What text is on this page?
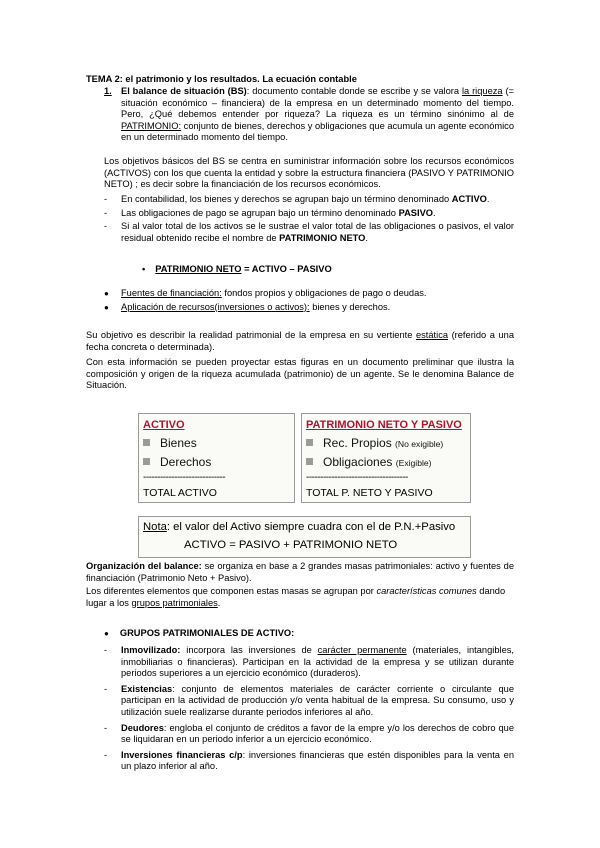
TEMA 2: el patrimonio y los resultados. La ecuación contable
1. El balance de situación (BS): documento contable donde se escribe y se valora la riqueza (= situación económico – financiera) de la empresa en un determinado momento del tiempo. Pero, ¿Qué debemos entender por riqueza? La riqueza es un término sinónimo al de PATRIMONIO: conjunto de bienes, derechos y obligaciones que acumula un agente económico en un determinado momento del tiempo.
Los objetivos básicos del BS se centra en suministrar información sobre los recursos económicos (ACTIVOS) con los que cuenta la entidad y sobre la estructura financiera (PASIVO Y PATRIMONIO NETO) ; es decir sobre la financiación de los recursos económicos.
- En contabilidad, los bienes y derechos se agrupan bajo un término denominado ACTIVO.
- Las obligaciones de pago se agrupan bajo un término denominado PASIVO.
- Si al valor total de los activos se le sustrae el valor total de las obligaciones o pasivos, el valor residual obtenido recibe el nombre de PATRIMONIO NETO.
• PATRIMONIO NETO = ACTIVO – PASIVO
● Fuentes de financiación: fondos propios y obligaciones de pago o deudas.
● Aplicación de recursos(inversiones o activos): bienes y derechos.
Su objetivo es describir la realidad patrimonial de la empresa en su vertiente estática (referido a una fecha concreta o determinada).
Con esta información se pueden proyectar estas figuras en un documento preliminar que ilustra la composición y origen de la riqueza acumulada (patrimonio) de un agente. Se le denomina Balance de Situación.
ACTIVO
Bienes
Derechos
-----------------------------
TOTAL ACTIVO
PATRIMONIO NETO Y PASIVO
Rec. Propios (No exigible)
Obligaciones (Exigible)
------------------------------------
TOTAL P. NETO Y PASIVO
Nota: el valor del Activo siempre cuadra con el de P.N.+Pasivo
ACTIVO = PASIVO + PATRIMONIO NETO
Organización del balance: se organiza en base a 2 grandes masas patrimoniales: activo y fuentes de financiación (Patrimonio Neto + Pasivo).
Los diferentes elementos que componen estas masas se agrupan por características comunes dando lugar a los grupos patrimoniales.
● GRUPOS PATRIMONIALES DE ACTIVO:
- Inmovilizado: incorpora las inversiones de carácter permanente (materiales, intangibles, inmobiliarias o financieras). Participan en la actividad de la empresa y se utilizan durante periodos superiores a un ejercicio económico (duraderos).
- Existencias: conjunto de elementos materiales de carácter corriente o circulante que participan en la actividad de producción y/o venta habitual de la empresa. Su consumo, uso y utilización suele realizarse durante periodos inferiores al año.
- Deudores: engloba el conjunto de créditos a favor de la empre y/o los derechos de cobro que se liquidaran en un periodo inferior a un ejercicio económico.
- Inversiones financieras c/p: inversiones financieras que estén disponibles para la venta en un plazo inferior al año.
